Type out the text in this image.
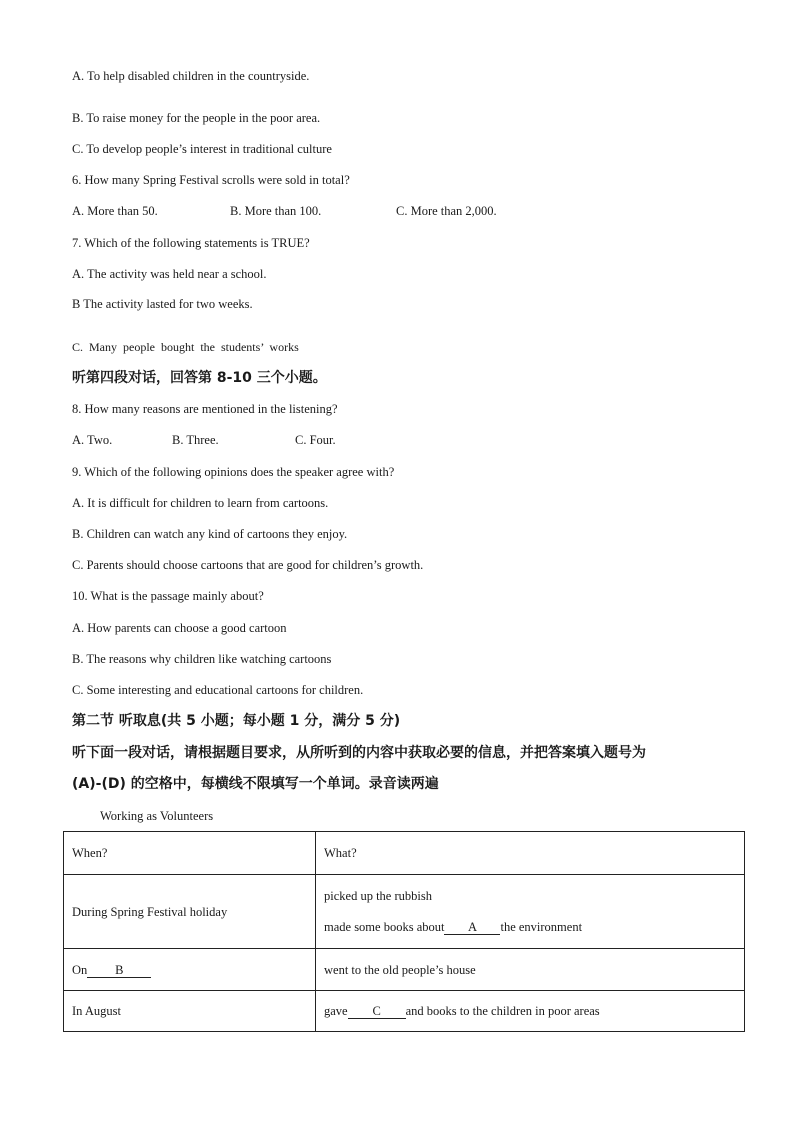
A. To help disabled children in the countryside.
B. To raise money for the people in the poor area.
C. To develop people’s interest in traditional culture
6. How many Spring Festival scrolls were sold in total?
A. More than 50.	B. More than 100.	C. More than 2,000.
7. Which of the following statements is TRUE?
A. The activity was held near a school.
B The activity lasted for two weeks.
C. Many people bought the students’ works
听第四段对话，回答第 8-10 三个小题。
8. How many reasons are mentioned in the listening?
A. Two.	B. Three.	C. Four.
9. Which of the following opinions does the speaker agree with?
A. It is difficult for children to learn from cartoons.
B. Children can watch any kind of cartoons they enjoy.
C. Parents should choose cartoons that are good for children’s growth.
10. What is the passage mainly about?
A. How parents can choose a good cartoon
B. The reasons why children like watching cartoons
C. Some interesting and educational cartoons for children.
第二节 听取息(共 5 小题；每小题 1 分，满分 5 分)
听下面一段对话，请根据题目要求，从所听到的内容中获取必要的信息，并把答案填入题号为
(A)-(D) 的空格中，每横线不限填写一个单词。录音读两遍
Working as Volunteers
When?	What?
During Spring Festival holiday	picked up the rubbish
made some books about A the environment

On B	went to the old people’s house
In August	gave C and books to the children in poor areas
